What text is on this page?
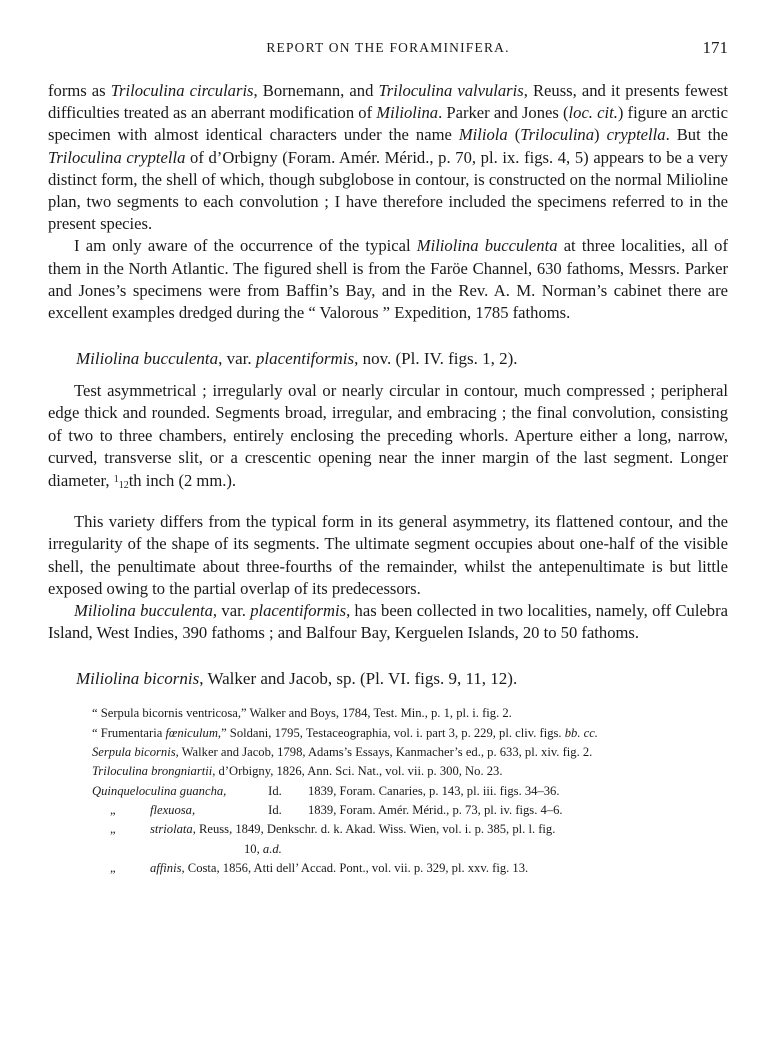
REPORT ON THE FORAMINIFERA.	171

forms as Triloculina circularis, Bornemann, and Triloculina valvularis, Reuss, and it presents fewest difficulties treated as an aberrant modification of Miliolina. Parker and Jones (loc. cit.) figure an arctic specimen with almost identical characters under the name Miliola (Triloculina) cryptella. But the Triloculina cryptella of d’Orbigny (Foram. Amér. Mérid., p. 70, pl. ix. figs. 4, 5) appears to be a very distinct form, the shell of which, though subglobose in contour, is constructed on the normal Milioline plan, two segments to each convolution ; I have therefore included the specimens referred to in the present species.

I am only aware of the occurrence of the typical Miliolina bucculenta at three localities, all of them in the North Atlantic. The figured shell is from the Faröe Channel, 630 fathoms, Messrs. Parker and Jones’s specimens were from Baffin’s Bay, and in the Rev. A. M. Norman’s cabinet there are excellent examples dredged during the “ Valorous ” Expedition, 1785 fathoms.

Miliolina bucculenta, var. placentiformis, nov. (Pl. IV. figs. 1, 2).

Test asymmetrical ; irregularly oval or nearly circular in contour, much compressed ; peripheral edge thick and rounded. Segments broad, irregular, and embracing ; the final convolution, consisting of two to three chambers, entirely enclosing the preceding whorls. Aperture either a long, narrow, curved, transverse slit, or a crescentic opening near the inner margin of the last segment. Longer diameter, $^1$12th inch (2 mm.).

This variety differs from the typical form in its general asymmetry, its flattened contour, and the irregularity of the shape of its segments. The ultimate segment occupies about one-half of the visible shell, the penultimate about three-fourths of the remainder, whilst the antepenultimate is but little exposed owing to the partial overlap of its predecessors.

Miliolina bucculenta, var. placentiformis, has been collected in two localities, namely, off Culebra Island, West Indies, 390 fathoms ; and Balfour Bay, Kerguelen Islands, 20 to 50 fathoms.

Miliolina bicornis, Walker and Jacob, sp. (Pl. VI. figs. 9, 11, 12).

“ Serpula bicornis ventricosa,” Walker and Boys, 1784, Test. Min., p. 1, pl. i. fig. 2.
“ Frumentaria fœniculum,” Soldani, 1795, Testaceographia, vol. i. part 3, p. 229, pl. cliv. figs. bb. cc.
Serpula bicornis, Walker and Jacob, 1798, Adams’s Essays, Kanmacher’s ed., p. 633, pl. xiv. fig. 2.
Triloculina brongniartii, d’Orbigny, 1826, Ann. Sci. Nat., vol. vii. p. 300, No. 23.
Quinqueloculina guancha,	Id. 1839, Foram. Canaries, p. 143, pl. iii. figs. 34–36.
„	flexuosa,	Id. 1839, Foram. Amér. Mérid., p. 73, pl. iv. figs. 4–6.
„	striolata, Reuss, 1849, Denkschr. d. k. Akad. Wiss. Wien, vol. i. p. 385, pl. l. fig.
10, a.d.
„	affinis, Costa, 1856, Atti dell’ Accad. Pont., vol. vii. p. 329, pl. xxv. fig. 13.
